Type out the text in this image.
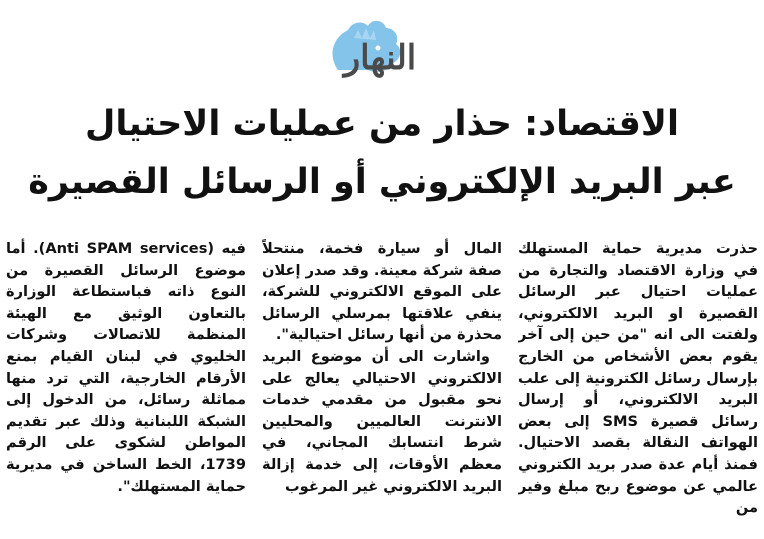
النهار
الاقتصاد: حذار من عمليات الاحتيال
عبر البريد الإلكتروني أو الرسائل القصيرة

حذرت مديرية حماية المستهلك في وزارة الاقتصاد والتجارة من عمليات احتيال عبر الرسائل القصيرة او البريد الالكتروني، ولفتت الى انه "من حين إلى آخر يقوم بعض الأشخاص من الخارج بإرسال رسائل الكترونية إلى علب البريد الالكتروني، أو إرسال رسائل قصيرة SMS إلى بعض الهواتف النقالة بقصد الاحتيال. فمنذ أيام عدة صدر بريد الكتروني عالمي عن موضوع ربح مبلغ وفير من

المال أو سيارة فخمة، منتحلاً صفة شركة معينة. وقد صدر إعلان على الموقع الالكتروني للشركة، ينفي علاقتها بمرسلي الرسائل محذرة من أنها رسائل احتيالية".

واشارت الى أن موضوع البريد الالكتروني الاحتيالي يعالج على نحو مقبول من مقدمي خدمات الانترنت العالميين والمحليين شرط انتسابك المجاني، في معظم الأوقات، إلى خدمة إزالة البريد الالكتروني غير المرغوب

فيه (Anti SPAM services). أما موضوع الرسائل القصيرة من النوع ذاته فباستطاعة الوزارة بالتعاون الوثيق مع الهيئة المنظمة للاتصالات وشركات الخليوي في لبنان القيام بمنع الأرقام الخارجية، التي ترد منها مماثلة رسائل، من الدخول إلى الشبكة اللبنانية وذلك عبر تقديم المواطن لشكوى على الرقم 1739، الخط الساخن في مديرية حماية المستهلك".
